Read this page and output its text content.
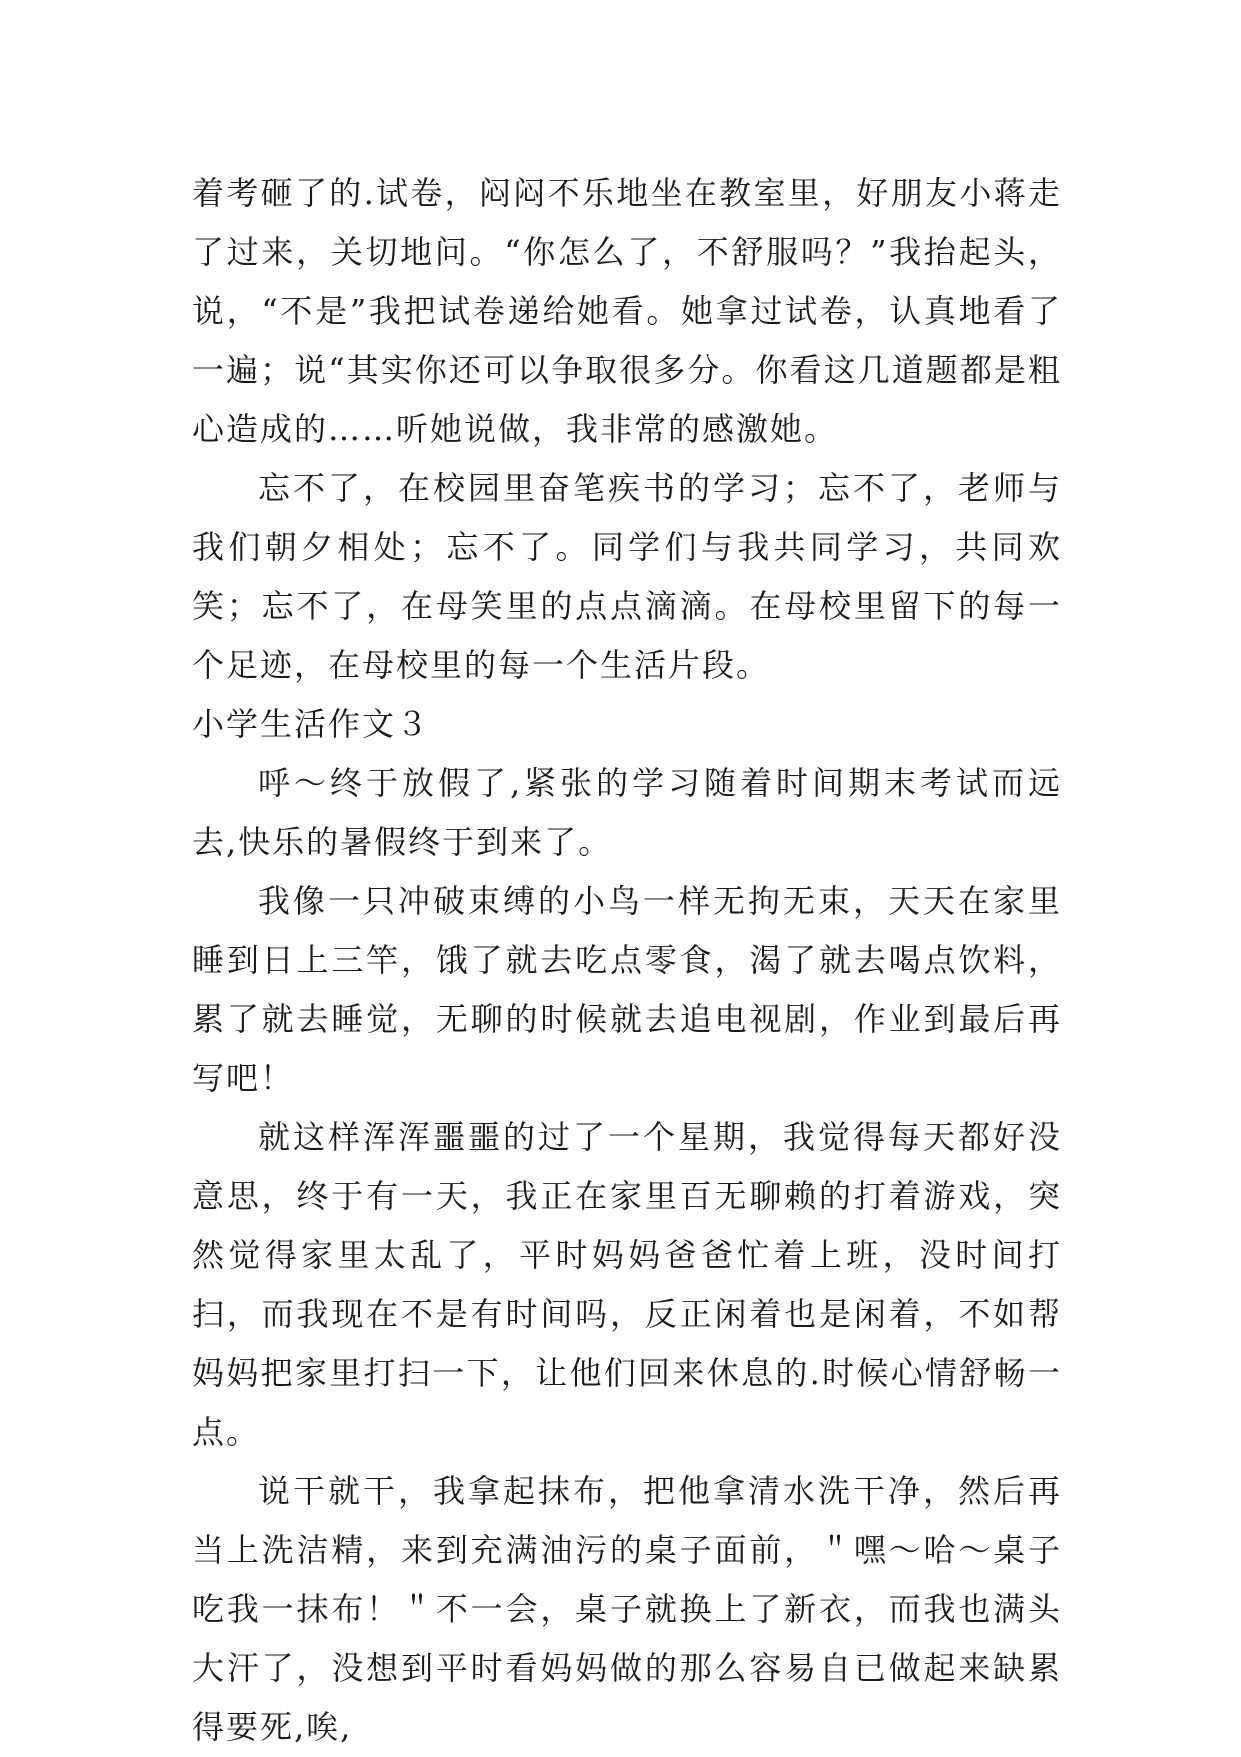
着考砸了的.试卷，闷闷不乐地坐在教室里，好朋友小蒋走了过来，关切地问。“你怎么了，不舒服吗？”我抬起头，说，“不是”我把试卷递给她看。她拿过试卷，认真地看了一遍；说“其实你还可以争取很多分。你看这几道题都是粗心造成的……听她说做，我非常的感激她。

忘不了，在校园里奋笔疾书的学习；忘不了，老师与我们朝夕相处；忘不了。同学们与我共同学习，共同欢笑；忘不了，在母笑里的点点滴滴。在母校里留下的每一个足迹，在母校里的每一个生活片段。

小学生活作文３

呼～终于放假了,紧张的学习随着时间期末考试而远去,快乐的暑假终于到来了。

我像一只冲破束缚的小鸟一样无拘无束，天天在家里睡到日上三竿，饿了就去吃点零食，渴了就去喝点饮料，累了就去睡觉，无聊的时候就去追电视剧，作业到最后再写吧！

就这样浑浑噩噩的过了一个星期，我觉得每天都好没意思，终于有一天，我正在家里百无聊赖的打着游戏，突然觉得家里太乱了，平时妈妈爸爸忙着上班，没时间打扫，而我现在不是有时间吗，反正闲着也是闲着，不如帮妈妈把家里打扫一下，让他们回来休息的.时候心情舒畅一点。

说干就干，我拿起抹布，把他拿清水洗干净，然后再当上洗洁精，来到充满油污的桌子面前，＂嘿～哈～桌子吃我一抹布！＂不一会，桌子就换上了新衣，而我也满头大汗了，没想到平时看妈妈做的那么容易自已做起来缺累得要死,唉,
